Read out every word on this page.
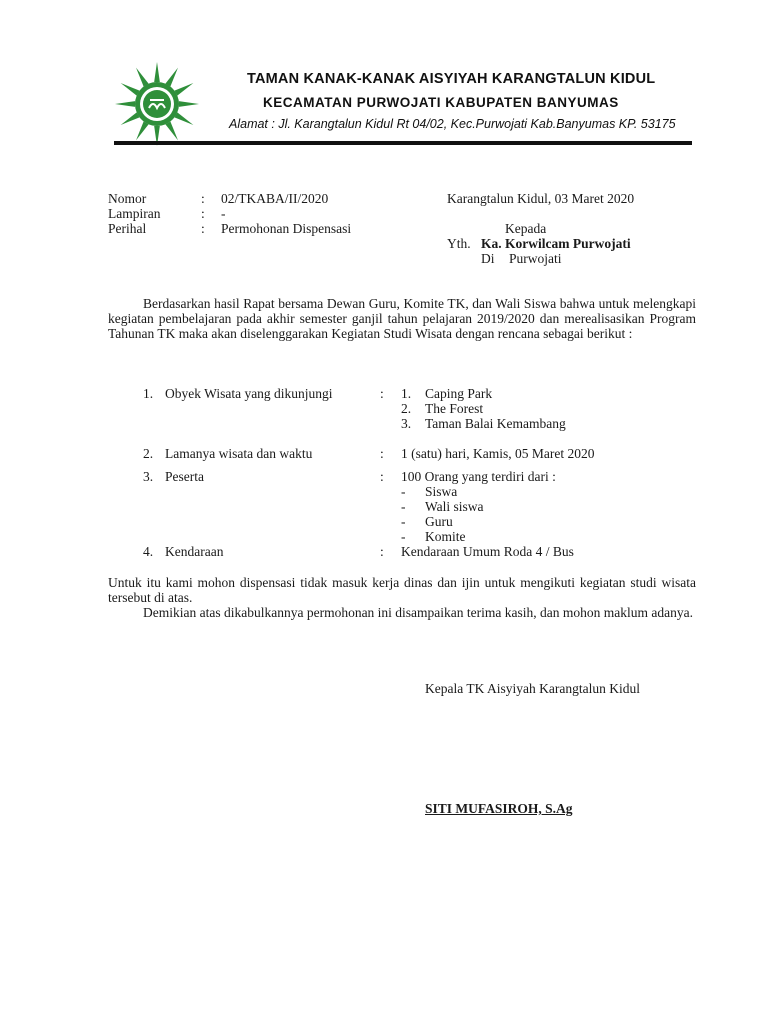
TAMAN KANAK-KANAK AISYIYAH KARANGTALUN KIDUL
KECAMATAN PURWOJATI KABUPATEN BANYUMAS
Alamat : Jl. Karangtalun Kidul Rt 04/02, Kec.Purwojati Kab.Banyumas KP. 53175
Nomor	: 02/TKABA/II/2020
Lampiran	: -
Perihal	: Permohonan Dispensasi
Karangtalun Kidul, 03 Maret 2020
Kepada
Yth. Ka. Korwilcam Purwojati
Di Purwojati
Berdasarkan hasil Rapat bersama Dewan Guru, Komite TK, dan Wali Siswa bahwa untuk melengkapi kegiatan pembelajaran pada akhir semester ganjil tahun pelajaran 2019/2020 dan merealisasikan Program Tahunan TK maka akan diselenggarakan Kegiatan Studi Wisata dengan rencana sebagai berikut :
1. Obyek Wisata yang dikunjungi	: 1. Caping Park
2. The Forest
3. Taman Balai Kemambang
2. Lamanya wisata dan waktu	: 1 (satu) hari, Kamis, 05 Maret 2020
3. Peserta	: 100 Orang yang terdiri dari :
- Siswa
- Wali siswa
- Guru
- Komite
4. Kendaraan	: Kendaraan Umum Roda 4 / Bus
Untuk itu kami mohon dispensasi tidak masuk kerja dinas dan ijin untuk mengikuti kegiatan studi wisata tersebut di atas.
Demikian atas dikabulkannya permohonan ini disampaikan terima kasih, dan mohon maklum adanya.
Kepala TK Aisyiyah Karangtalun Kidul
SITI MUFASIROH, S.Ag
